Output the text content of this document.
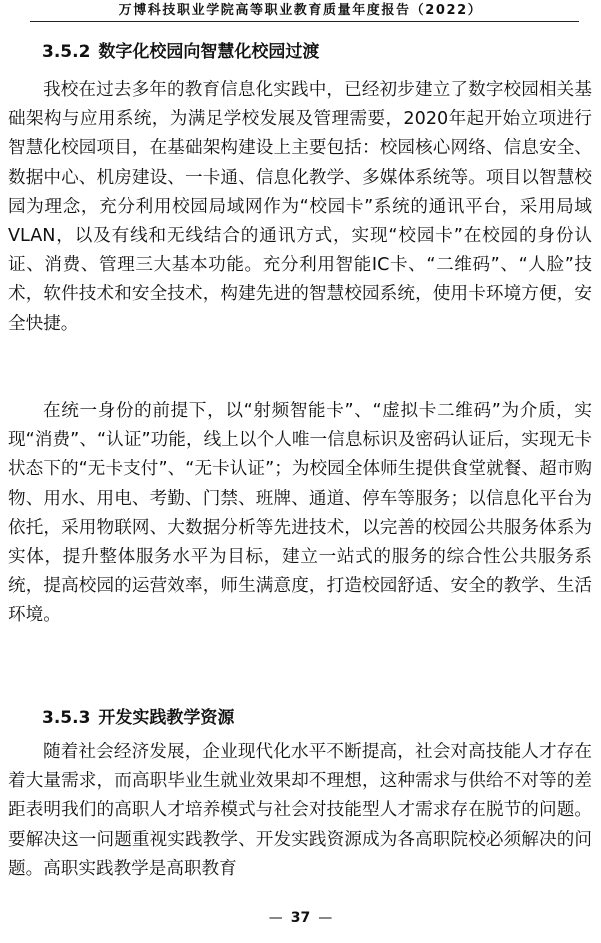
万博科技职业学院高等职业教育质量年度报告（2022）
3.5.2 数字化校园向智慧化校园过渡

我校在过去多年的教育信息化实践中，已经初步建立了数字校园相关基础架构与应用系统，为满足学校发展及管理需要，2020年起开始立项进行智慧化校园项目，在基础架构建设上主要包括：校园核心网络、信息安全、数据中心、机房建设、一卡通、信息化教学、多媒体系统等。项目以智慧校园为理念，充分利用校园局域网作为“校园卡”系统的通讯平台，采用局域VLAN，以及有线和无线结合的通讯方式，实现“校园卡”在校园的身份认证、消费、管理三大基本功能。充分利用智能IC卡、“二维码”、“人脸”技术，软件技术和安全技术，构建先进的智慧校园系统，使用卡环境方便，安全快捷。

在统一身份的前提下，以“射频智能卡”、“虚拟卡二维码”为介质，实现“消费”、“认证”功能，线上以个人唯一信息标识及密码认证后，实现无卡状态下的“无卡支付”、“无卡认证”；为校园全体师生提供食堂就餐、超市购物、用水、用电、考勤、门禁、班牌、通道、停车等服务；以信息化平台为依托，采用物联网、大数据分析等先进技术，以完善的校园公共服务体系为实体，提升整体服务水平为目标，建立一站式的服务的综合性公共服务系统，提高校园的运营效率，师生满意度，打造校园舒适、安全的教学、生活环境。

3.5.3 开发实践教学资源

随着社会经济发展，企业现代化水平不断提高，社会对高技能人才存在着大量需求，而高职毕业生就业效果却不理想，这种需求与供给不对等的差距表明我们的高职人才培养模式与社会对技能型人才需求存在脱节的问题。要解决这一问题重视实践教学、开发实践资源成为各高职院校必须解决的问题。高职实践教学是高职教育

— 37 —
